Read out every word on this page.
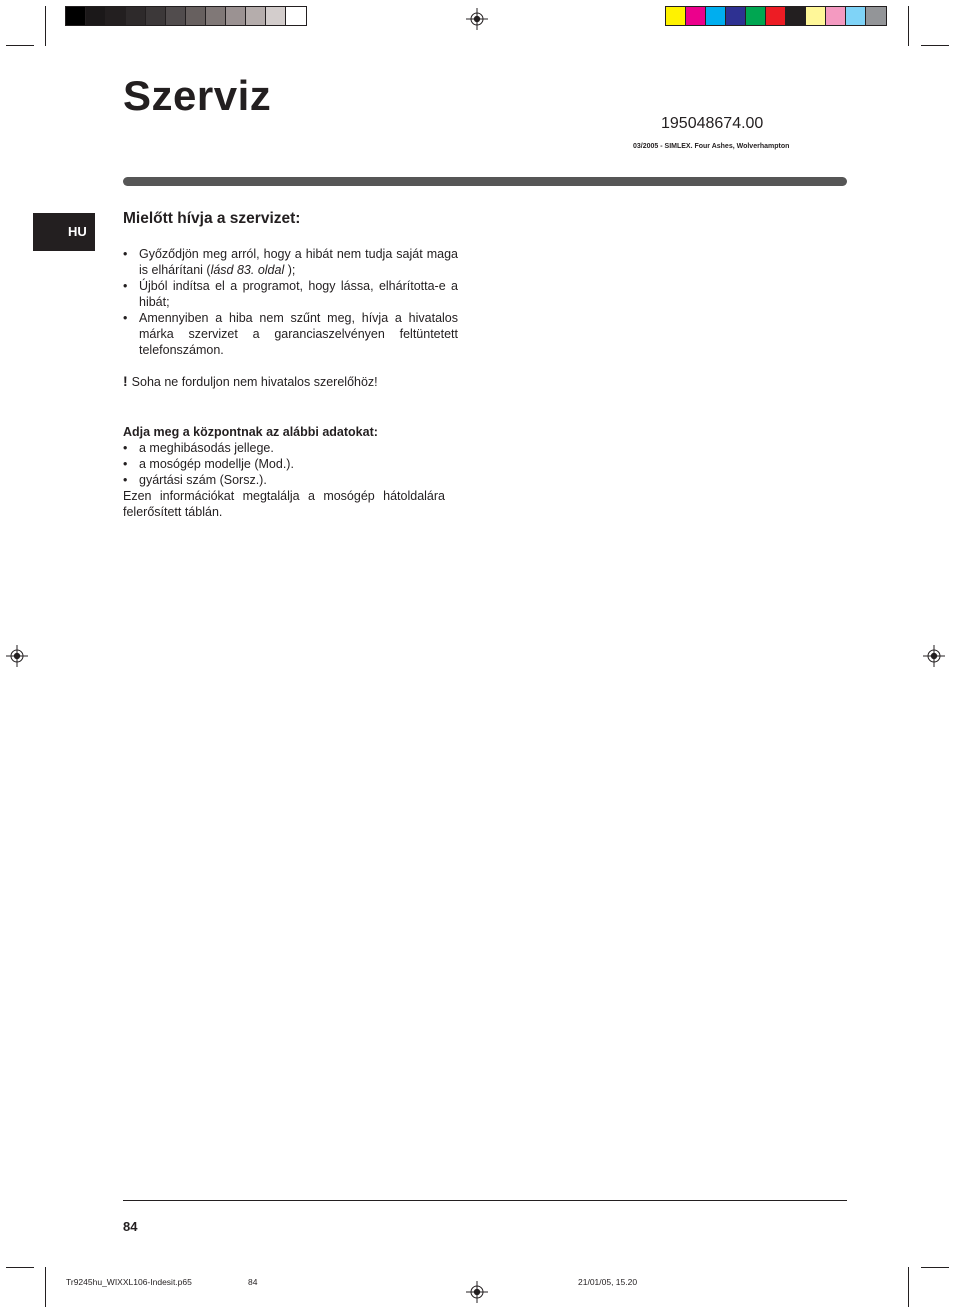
Szerviz
195048674.00
03/2005 - SIMLEX. Four Ashes, Wolverhampton
HU
Mielőtt hívja a szervizet:
• Győződjön meg arról, hogy a hibát nem tudja saját maga is elhárítani (lásd 83. oldal );
• Újból indítsa el a programot, hogy lássa, elhárította-e a hibát;
• Amennyiben a hiba nem szűnt meg, hívja a hivatalos márka szervizet a garanciaszelvényen feltüntetett telefonszámon.
! Soha ne forduljon nem hivatalos szerelőhöz!
Adja meg a központnak az alábbi adatokat:
• a meghibásodás jellege.
• a mosógép modellje (Mod.).
• gyártási szám (Sorsz.).

Ezen információkat megtalálja a mosógép hátoldalára felerősített táblán.

84
Tr9245hu_WIXXL106-Indesit.p65	84	21/01/05, 15.20
